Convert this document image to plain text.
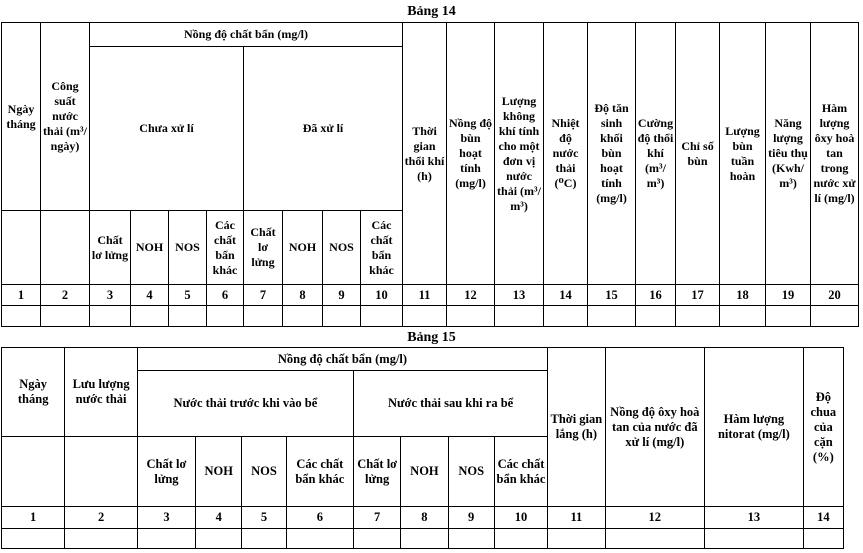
Bảng 14
Ngày tháng	Công suất nước thải (m³/ ngày)	Nồng độ chất bẩn (mg/l)								Thời gian thổi khí (h)	Nồng độ bùn hoạt tính (mg/l)	Lượng không khí tính cho một đơn vị nước thải (m³/ m³)	Nhiệt độ nước thải (⁰C)	Độ tăn sinh khối bùn hoạt tính (mg/l)	Cường độ thổi khí (m³/ m³)	Chỉ số bùn	Lượng bùn tuần hoàn	Năng lượng tiêu thụ (Kwh/ m³)	Hàm lượng ôxy hoà tan trong nước xử lí (mg/l)
		Chưa xử lí				Đã xử lí													
		Chất lơ lửng	NOH	NOS	Các chất bẩn khác	Chất lơ lửng	NOH	NOS	Các chất bẩn khác										
1	2	3	4	5	6	7	8	9	10	11	12	13	14	15	16	17	18	19	20

Bảng 15
Ngày tháng	Lưu lượng nước thải	Nồng độ chất bẩn (mg/l)								Thời gian lắng (h)	Nồng độ ôxy hoà tan của nước đã xử lí (mg/l)	Hàm lượng nitorat (mg/l)	Độ chua của cặn (%)
		Nước thải trước khi vào bể				Nước thải sau khi ra bể							
		Chất lơ lửng	NOH	NOS	Các chất bẩn khác	Chất lơ lửng	NOH	NOS	Các chất bẩn khác				
1	2	3	4	5	6	7	8	9	10	11	12	13	14
